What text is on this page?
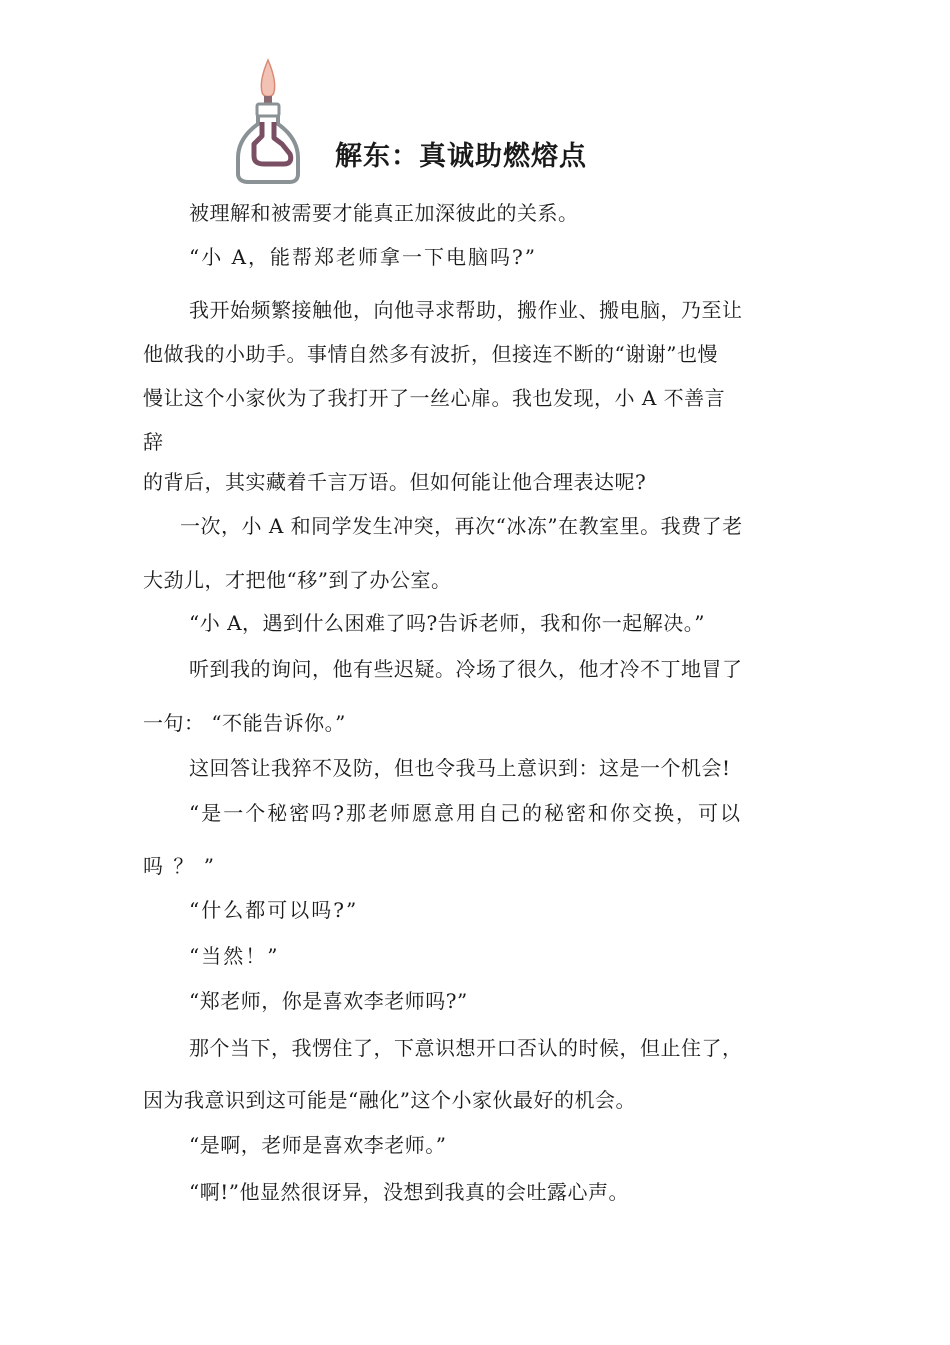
解东：真诚助燃熔点
被理解和被需要才能真正加深彼此的关系。
“小 A，能帮郑老师拿一下电脑吗?”
我开始频繁接触他，向他寻求帮助，搬作业、搬电脑，乃至让
他做我的小助手。事情自然多有波折，但接连不断的“谢谢”也慢
慢让这个小家伙为了我打开了一丝心扉。我也发现，小 A 不善言
辞
的背后，其实藏着千言万语。但如何能让他合理表达呢?
一次，小 A 和同学发生冲突，再次“冰冻”在教室里。我费了老
大劲儿，才把他“移”到了办公室。
“小 A，遇到什么困难了吗?告诉老师，我和你一起解决。”
听到我的询问，他有些迟疑。冷场了很久，他才冷不丁地冒了
一句： “不能告诉你。”
这回答让我猝不及防，但也令我马上意识到：这是一个机会!
“是一个秘密吗?那老师愿意用自己的秘密和你交换，可以
吗 ？ ”
“什么都可以吗?”
“当然！”
“郑老师，你是喜欢李老师吗?”
那个当下，我愣住了，下意识想开口否认的时候，但止住了，
因为我意识到这可能是“融化”这个小家伙最好的机会。
“是啊，老师是喜欢李老师。”
“啊!”他显然很讶异，没想到我真的会吐露心声。
